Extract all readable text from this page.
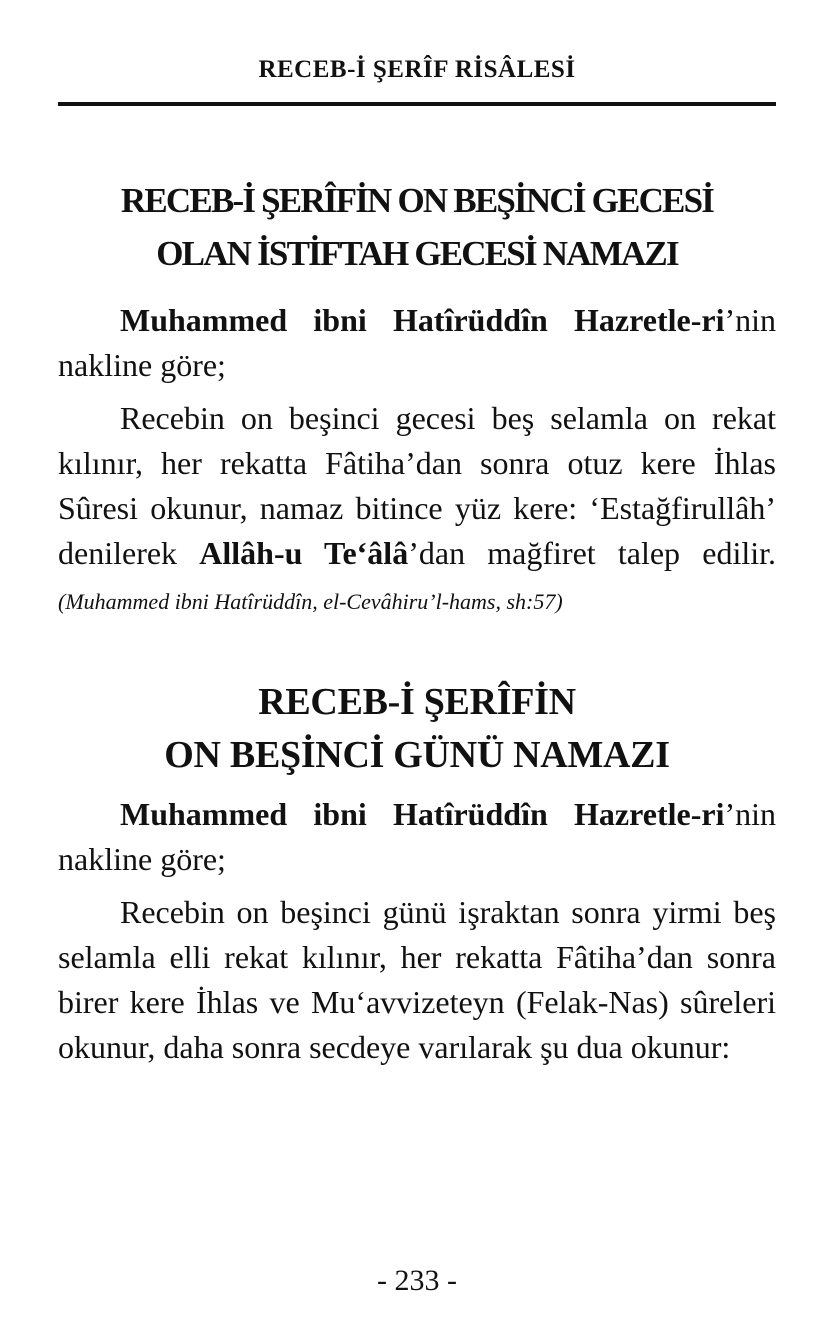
RECEB-İ ŞERÎF RİSÂLESİ
RECEB-İ ŞERÎFİN ON BEŞİNCİ GECESİ
OLAN İSTİFTAH GECESİ NAMAZI

Muhammed ibni Hatîrüddîn Hazretle-ri’nin nakline göre;

Recebin on beşinci gecesi beş selamla on rekat kılınır, her rekatta Fâtiha’dan sonra otuz kere İhlas Sûresi okunur, namaz bitince yüz kere: ‘Estağfirullâh’ denilerek Allâh-u Te‘âlâ’dan mağfiret talep edilir. (Muhammed ibni Hatîrüddîn, el-Cevâhiru’l-hams, sh:57)

RECEB-İ ŞERÎFİN
ON BEŞİNCİ GÜNÜ NAMAZI

Muhammed ibni Hatîrüddîn Hazretle-ri’nin nakline göre;

Recebin on beşinci günü işraktan sonra yirmi beş selamla elli rekat kılınır, her rekatta Fâtiha’dan sonra birer kere İhlas ve Mu‘avvizeteyn (Felak-Nas) sûreleri okunur, daha sonra secdeye varılarak şu dua okunur:

- 233 -
